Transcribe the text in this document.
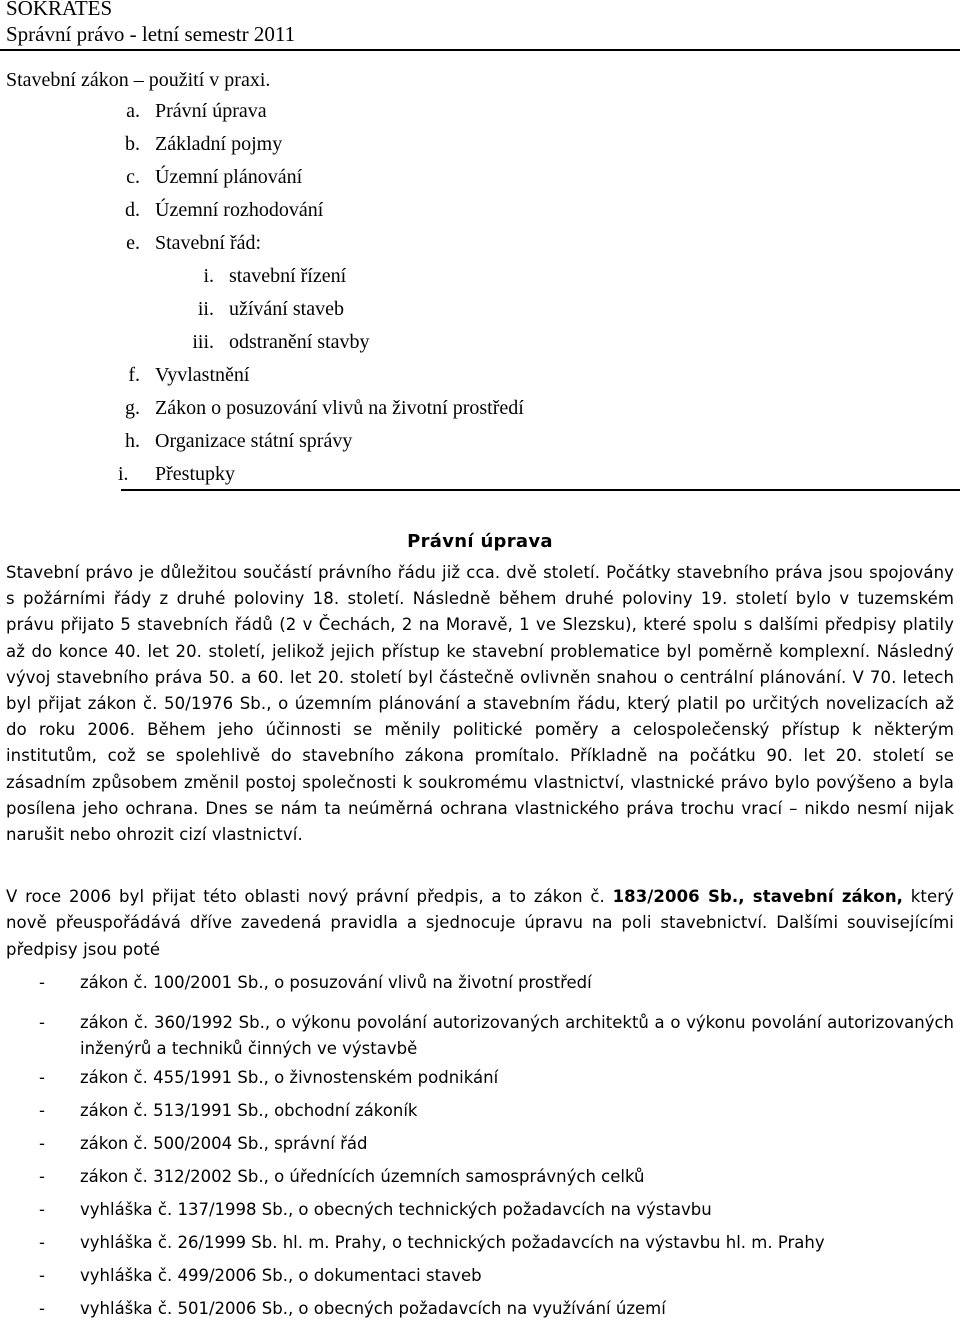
SOKRATES
Správní právo - letní semestr 2011
Stavební zákon – použití v praxi.
a. Právní úprava
b. Základní pojmy
c. Územní plánování
d. Územní rozhodování
e. Stavební řád:
i. stavební řízení
ii. užívání staveb
iii. odstranění stavby
f. Vyvlastnění
g. Zákon o posuzování vlivů na životní prostředí
h. Organizace státní správy
i.	Přestupky
Právní úprava
Stavební právo je důležitou součástí právního řádu již cca. dvě století. Počátky stavebního práva jsou spojovány s požárními řády z druhé poloviny 18. století. Následně během druhé poloviny 19. století bylo v tuzemském právu přijato 5 stavebních řádů (2 v Čechách, 2 na Moravě, 1 ve Slezsku), které spolu s dalšími předpisy platily až do konce 40. let 20. století, jelikož jejich přístup ke stavební problematice byl poměrně komplexní. Následný vývoj stavebního práva 50. a 60. let 20. století byl částečně ovlivněn snahou o centrální plánování. V 70. letech byl přijat zákon č. 50/1976 Sb., o územním plánování a stavebním řádu, který platil po určitých novelizacích až do roku 2006. Během jeho účinnosti se měnily politické poměry a celospolečenský přístup k některým institutům, což se spolehlivě do stavebního zákona promítalo. Příkladně na počátku 90. let 20. století se zásadním způsobem změnil postoj společnosti k soukromému vlastnictví, vlastnické právo bylo povýšeno a byla posílena jeho ochrana. Dnes se nám ta neúměrná ochrana vlastnického práva trochu vrací – nikdo nesmí nijak narušit nebo ohrozit cizí vlastnictví.
V roce 2006 byl přijat této oblasti nový právní předpis, a to zákon č. 183/2006 Sb., stavební zákon, který nově přeuspořádává dříve zavedená pravidla a sjednocuje úpravu na poli stavebnictví. Dalšími souvisejícími předpisy jsou poté
- zákon č. 100/2001 Sb., o posuzování vlivů na životní prostředí
- zákon č. 360/1992 Sb., o výkonu povolání autorizovaných architektů a o výkonu povolání autorizovaných inženýrů a techniků činných ve výstavbě
- zákon č. 455/1991 Sb., o živnostenském podnikání
- zákon č. 513/1991 Sb., obchodní zákoník
- zákon č. 500/2004 Sb., správní řád
- zákon č. 312/2002 Sb., o úřednících územních samosprávných celků
- vyhláška č. 137/1998 Sb., o obecných technických požadavcích na výstavbu
- vyhláška č. 26/1999 Sb. hl. m. Prahy, o technických požadavcích na výstavbu hl. m. Prahy
- vyhláška č. 499/2006 Sb., o dokumentaci staveb
- vyhláška č. 501/2006 Sb., o obecných požadavcích na využívání území
